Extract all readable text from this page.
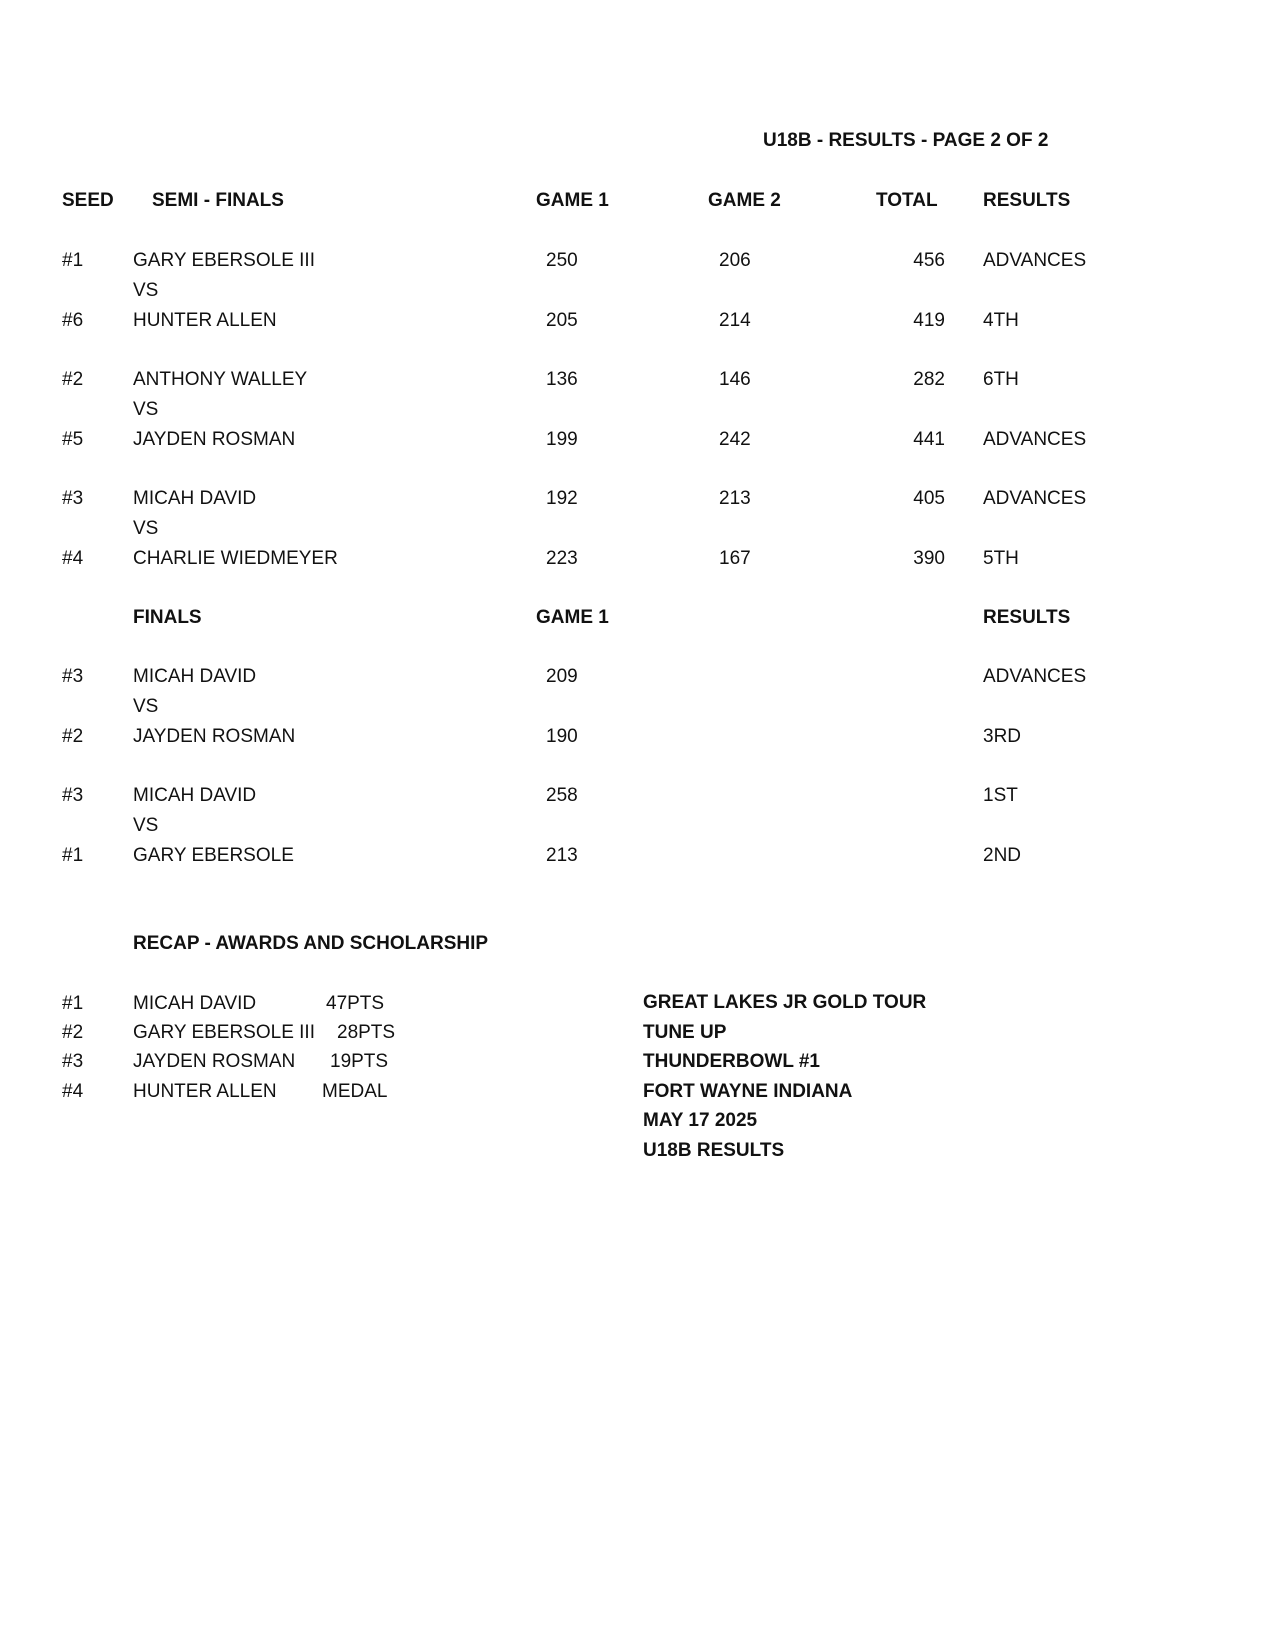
U18B - RESULTS - PAGE 2 OF 2
SEED SEMI - FINALS	GAME 1	GAME 2	TOTAL RESULTS
#1	GARY EBERSOLE III	250	206	456 ADVANCES
VS
#6	HUNTER ALLEN	205	214	419 4TH
#2	ANTHONY WALLEY	136	146	282 6TH
VS
#5	JAYDEN ROSMAN	199	242	441 ADVANCES
#3	MICAH DAVID	192	213	405 ADVANCES
VS
#4	CHARLIE WIEDMEYER	223	167	390 5TH
FINALS	GAME 1	RESULTS
#3	MICAH DAVID	209	ADVANCES
VS
#2	JAYDEN ROSMAN	190	3RD
#3	MICAH DAVID	258	1ST
VS
#1	GARY EBERSOLE	213	2ND
RECAP - AWARDS AND SCHOLARSHIP
#1	MICAH DAVID	47PTS
#2	GARY EBERSOLE III 28PTS
#3	JAYDEN ROSMAN 19PTS
#4	HUNTER ALLEN MEDAL
GREAT LAKES JR GOLD TOUR
TUNE UP
THUNDERBOWL #1
FORT WAYNE INDIANA
MAY 17 2025
U18B RESULTS
